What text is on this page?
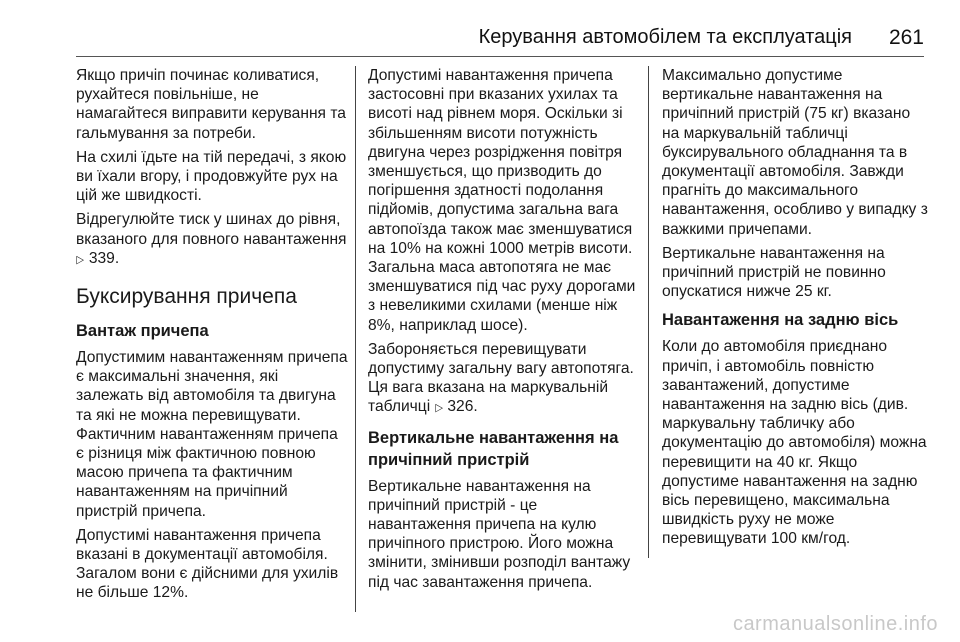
Керування автомобілем та експлуатація 261

Якщо причіп починає коливатися, рухайтеся повільніше, не намагайтеся виправити керування та гальмування за потреби.

На схилі їдьте на тій передачі, з якою ви їхали вгору, і продовжуйте рух на цій же швидкості.

Відрегулюйте тиск у шинах до рівня, вказаного для повного навантаження ▷ 339.

Буксирування причепа
Вантаж причепа

Допустимим навантаженням причепа є максимальні значення, які залежать від автомобіля та двигуна та які не можна перевищувати. Фактичним навантаженням причепа є різниця між фактичною повною масою причепа та фактичним навантаженням на причіпний пристрій причепа.

Допустимі навантаження причепа вказані в документації автомобіля. Загалом вони є дійсними для ухилів не більше 12%.

Допустимі навантаження причепа застосовні при вказаних ухилах та висоті над рівнем моря. Оскільки зі збільшенням висоти потужність двигуна через розрідження повітря зменшується, що призводить до погіршення здатності подолання підйомів, допустима загальна вага автопоїзда також має зменшуватися на 10% на кожні 1000 метрів висоти. Загальна маса автопотяга не має зменшуватися під час руху дорогами з невеликими схилами (менше ніж 8%, наприклад шосе).

Забороняється перевищувати допустиму загальну вагу автопотяга. Ця вага вказана на маркувальній табличці ▷ 326.

Вертикальне навантаження на причіпний пристрій

Вертикальне навантаження на причіпний пристрій - це навантаження причепа на кулю причіпного пристрою. Його можна змінити, змінивши розподіл вантажу під час завантаження причепа.

Максимально допустиме вертикальне навантаження на причіпний пристрій (75 кг) вказано на маркувальній табличці буксирувального обладнання та в документації автомобіля. Завжди прагніть до максимального навантаження, особливо у випадку з важкими причепами.

Вертикальне навантаження на причіпний пристрій не повинно опускатися нижче 25 кг.

Навантаження на задню вісь

Коли до автомобіля приєднано причіп, і автомобіль повністю завантажений, допустиме навантаження на задню вісь (див. маркувальну табличку або документацію до автомобіля) можна перевищити на 40 кг. Якщо допустиме навантаження на задню вісь перевищено, максимальна швидкість руху не може перевищувати 100 км/год.

carmanualsonline.info
